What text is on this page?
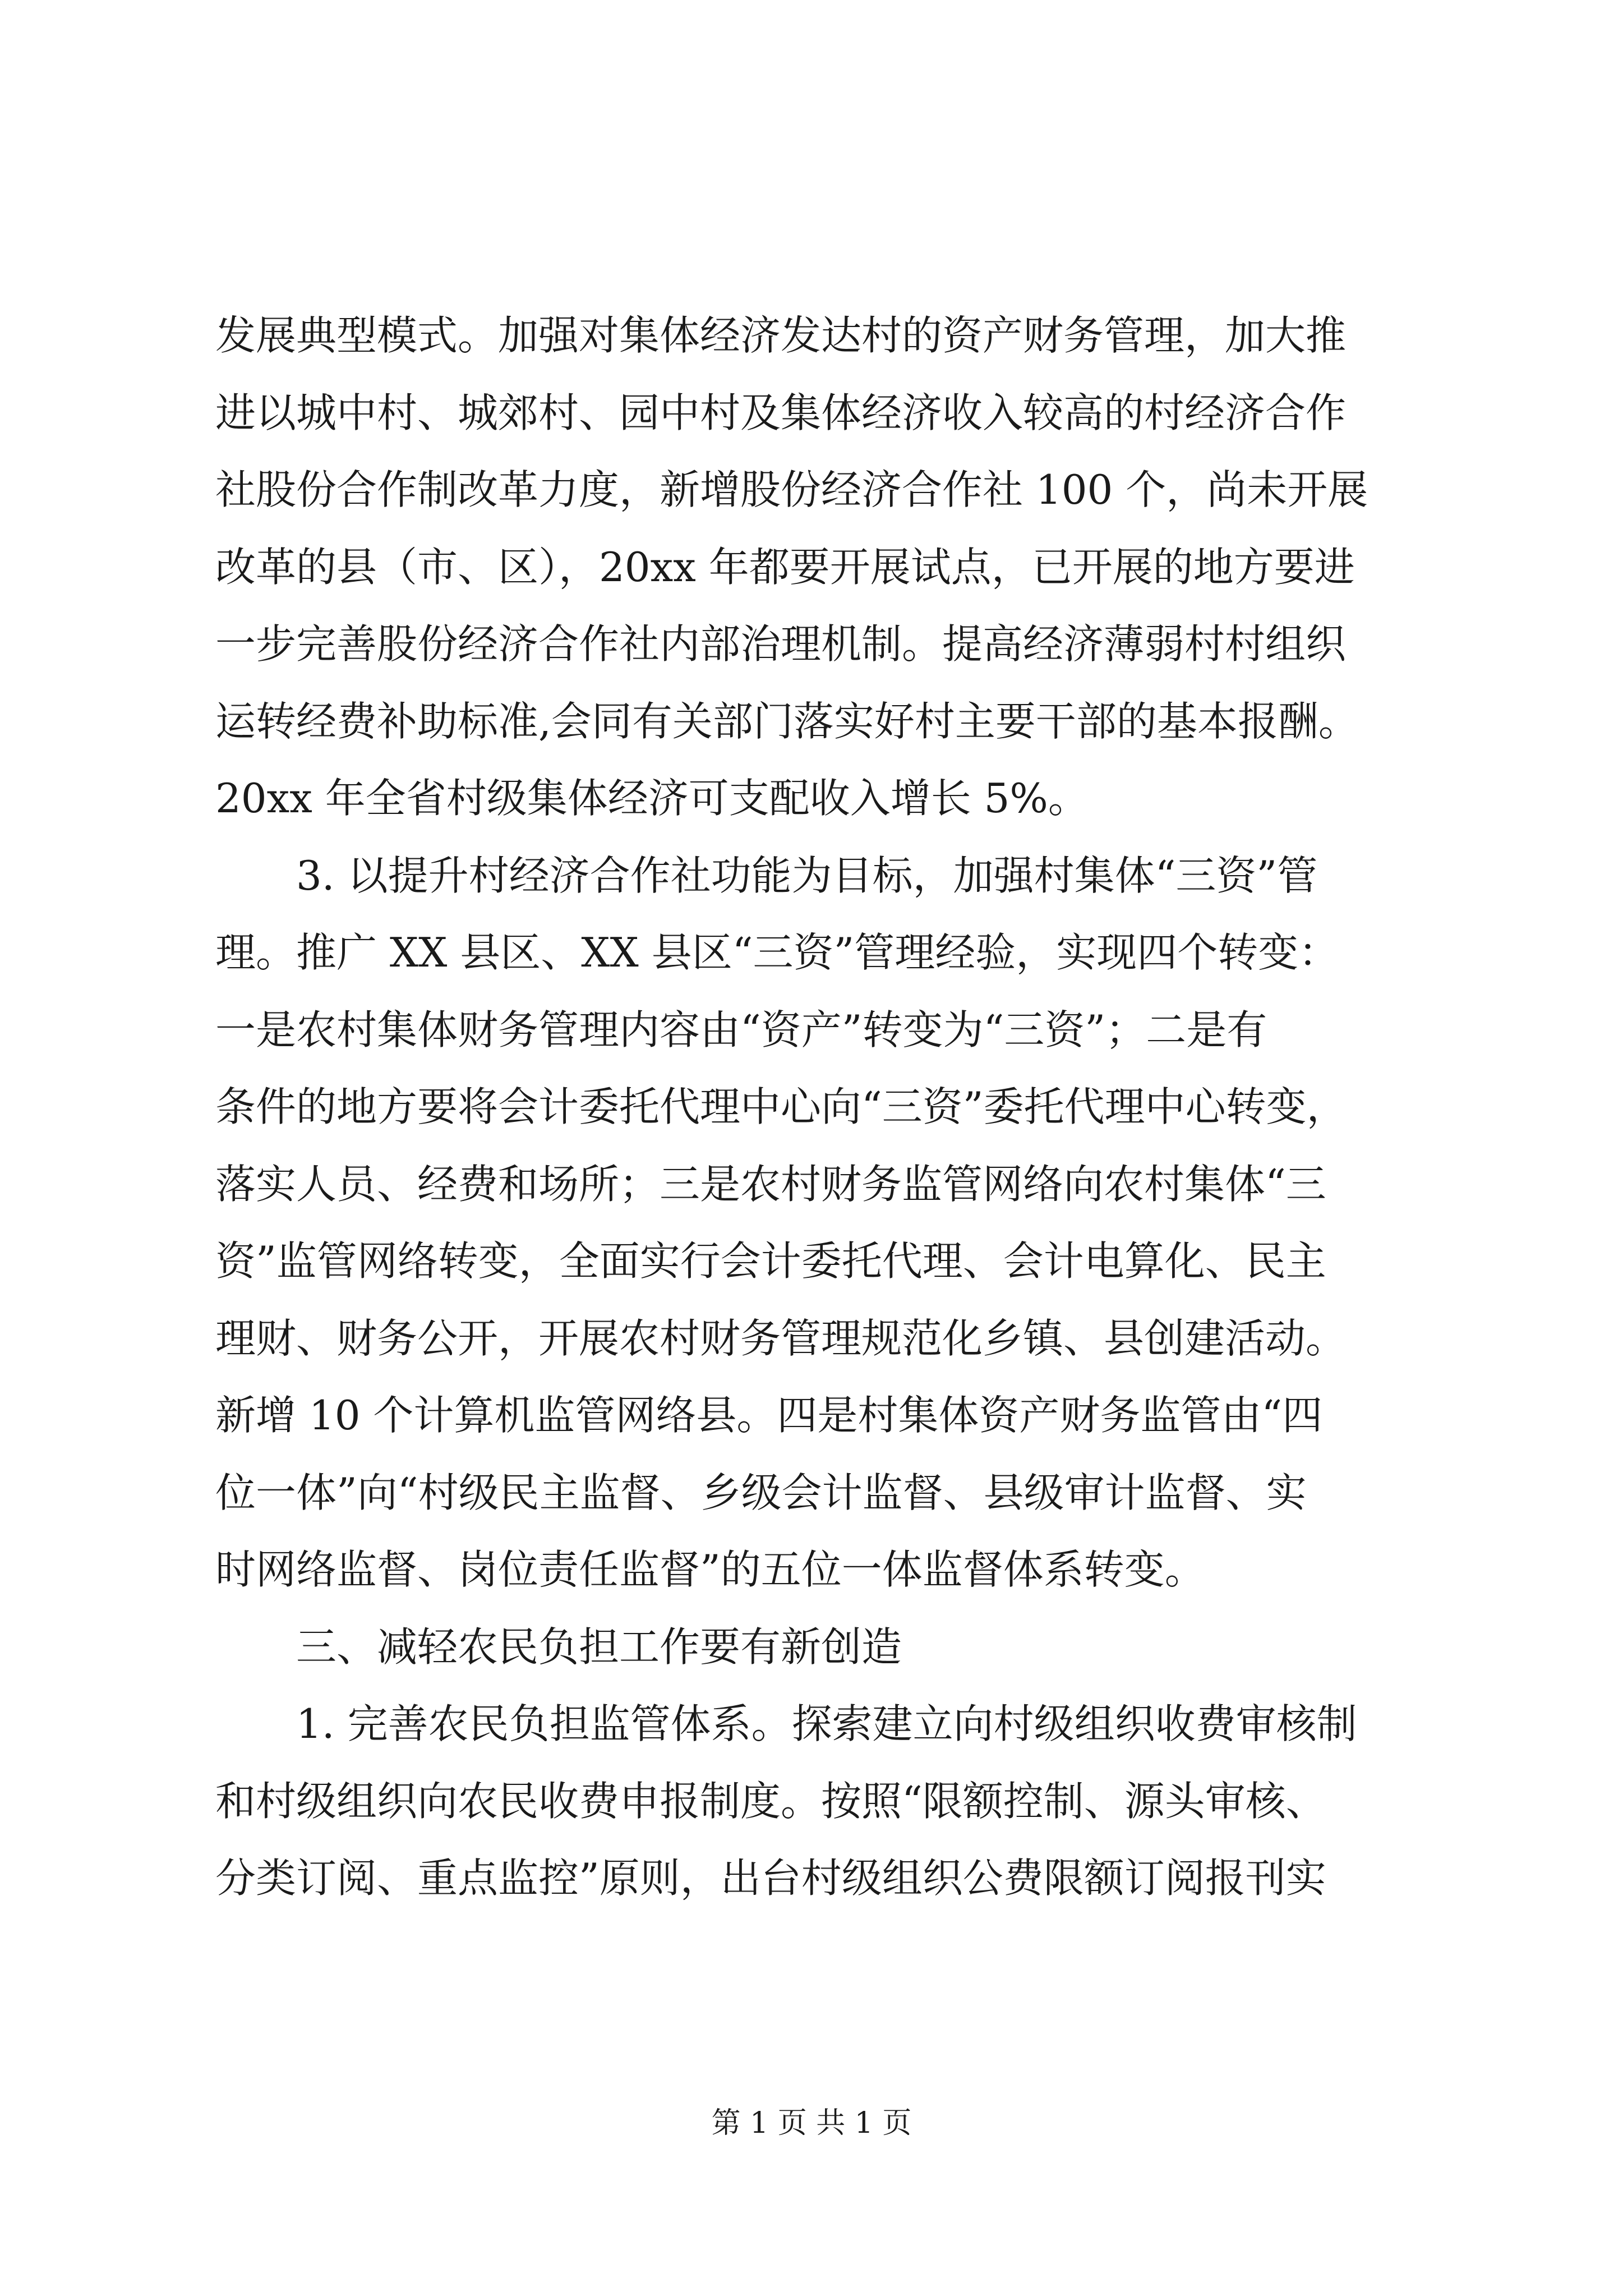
发展典型模式。加强对集体经济发达村的资产财务管理，加大推
进以城中村、城郊村、园中村及集体经济收入较高的村经济合作
社股份合作制改革力度，新增股份经济合作社 100 个，尚未开展
改革的县（市、区），20xx 年都要开展试点，已开展的地方要进
一步完善股份经济合作社内部治理机制。提高经济薄弱村村组织
运转经费补助标准,会同有关部门落实好村主要干部的基本报酬。
20xx 年全省村级集体经济可支配收入增长 5%。
3. 以提升村经济合作社功能为目标，加强村集体“三资”管
理。推广 XX 县区、XX 县区“三资”管理经验，实现四个转变：
一是农村集体财务管理内容由“资产”转变为“三资”；二是有
条件的地方要将会计委托代理中心向“三资”委托代理中心转变，
落实人员、经费和场所；三是农村财务监管网络向农村集体“三
资”监管网络转变，全面实行会计委托代理、会计电算化、民主
理财、财务公开，开展农村财务管理规范化乡镇、县创建活动。
新增 10 个计算机监管网络县。四是村集体资产财务监管由“四
位一体”向“村级民主监督、乡级会计监督、县级审计监督、实
时网络监督、岗位责任监督”的五位一体监督体系转变。
三、减轻农民负担工作要有新创造
1. 完善农民负担监管体系。探索建立向村级组织收费审核制
和村级组织向农民收费申报制度。按照“限额控制、源头审核、
分类订阅、重点监控”原则，出台村级组织公费限额订阅报刊实
第 1 页 共 1 页
